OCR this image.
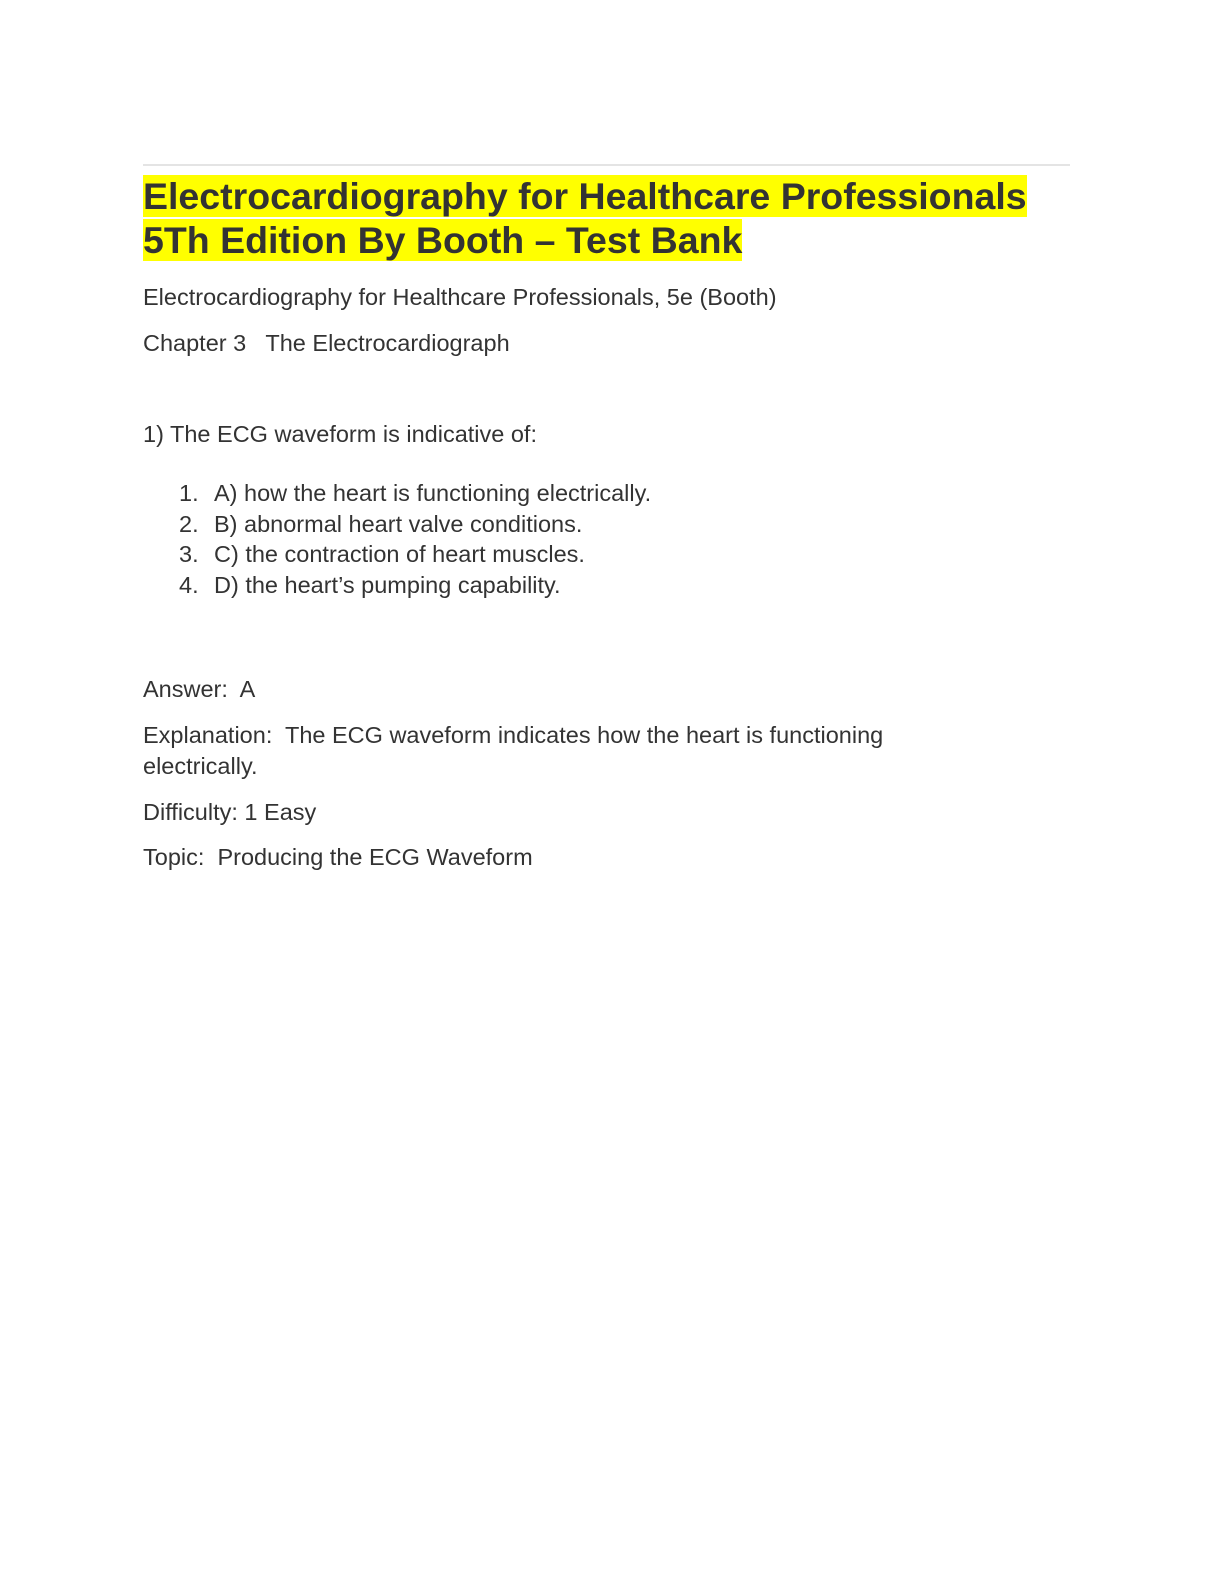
Electrocardiography for Healthcare Professionals
5Th Edition By Booth – Test Bank

Electrocardiography for Healthcare Professionals, 5e (Booth)

Chapter 3   The Electrocardiograph

1) The ECG waveform is indicative of:

1. A) how the heart is functioning electrically.
2. B) abnormal heart valve conditions.
3. C) the contraction of heart muscles.
4. D) the heart’s pumping capability.

Answer:  A

Explanation:  The ECG waveform indicates how the heart is functioning electrically.

Difficulty: 1 Easy

Topic:  Producing the ECG Waveform
